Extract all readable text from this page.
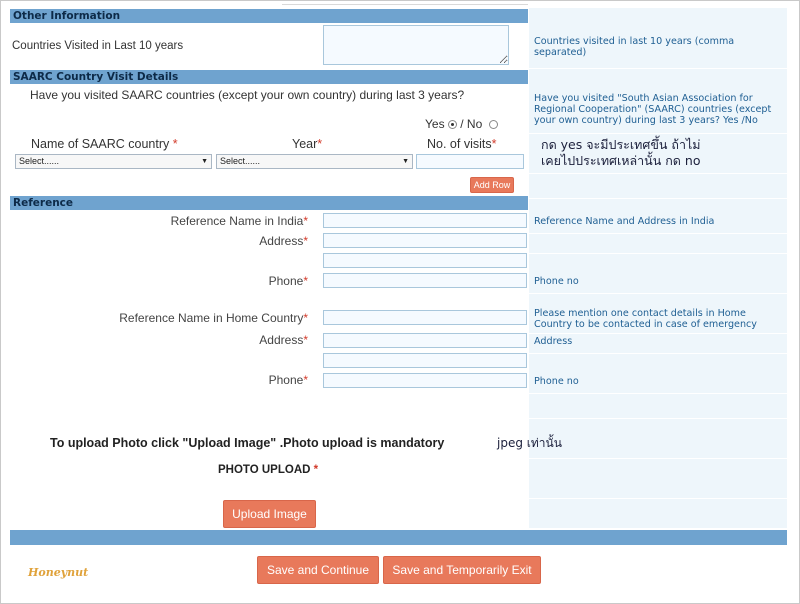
Other Information
Countries Visited in Last 10 years	Countries visited in last 10 years (comma separated)
SAARC Country Visit Details
Have you visited SAARC countries (except your own country) during last 3 years?	Have you visited "South Asian Association for Regional Cooperation" (SAARC) countries (except your own country) during last 3 years? Yes /No
Yes / No
กด yes จะมีประเทศขึ้น ถ้าไม่
เคยไปประเทศเหล่านั้น กด no
Name of SAARC country *	Year*	No. of visits*
Select......	▼	Select......	▼
Add Row
Reference
Reference Name in India*	Reference Name and Address in India
Address*
Phone*	Phone no
Reference Name in Home Country*	Please mention one contact details in Home Country to be contacted in case of emergency
Address*	Address
Phone*	Phone no
To upload Photo click "Upload Image" .Photo upload is mandatory	jpeg เท่านั้น
PHOTO UPLOAD *
Upload Image
Save and Continue	Save and Temporarily Exit
Honeynut
